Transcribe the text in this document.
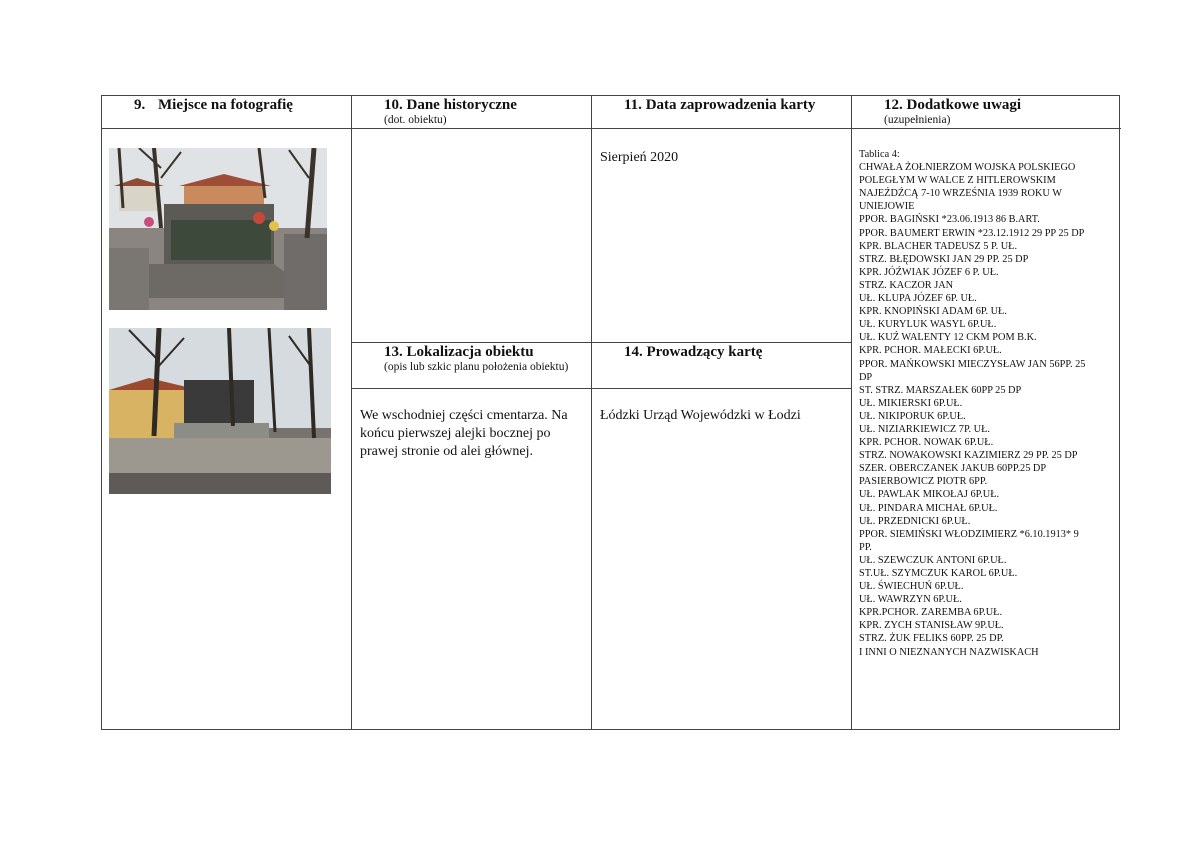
9. Miejsce na fotografię	10. Dane historyczne
(dot. obiektu)
11. Data zaprowadzenia karty	12. Dodatkowe uwagi
(uzupełnienia)
Sierpień 2020
13. Lokalizacja obiektu
(opis lub szkic planu położenia obiektu)
14. Prowadzący kartę
We wschodniej części cmentarza. Na końcu pierwszej alejki bocznej po prawej stronie od alei głównej.
Łódzki Urząd Wojewódzki w Łodzi
Tablica 4:
CHWAŁA ŻOŁNIERZOM WOJSKA POLSKIEGO
POLEGŁYM W WALCE Z HITLEROWSKIM
NAJEŹDŹCĄ 7-10 WRZEŚNIA 1939 ROKU W
UNIEJOWIE
PPOR. BAGIŃSKI *23.06.1913 86 B.ART.
PPOR. BAUMERT ERWIN *23.12.1912 29 PP 25 DP
KPR. BLACHER TADEUSZ 5 P. UŁ.
STRZ. BŁĘDOWSKI JAN 29 PP. 25 DP
KPR. JÓŹWIAK JÓZEF 6 P. UŁ.
STRZ. KACZOR JAN
UŁ. KLUPA JÓZEF 6P. UŁ.
KPR. KNOPIŃSKI ADAM 6P. UŁ.
UŁ. KURYLUK WASYL 6P.UŁ.
UŁ. KUŹ WALENTY 12 CKM POM B.K.
KPR. PCHOR. MAŁECKI 6P.UŁ.
PPOR. MAŃKOWSKI MIECZYSŁAW JAN 56PP. 25
DP
ST. STRZ. MARSZAŁEK 60PP 25 DP
UŁ. MIKIERSKI 6P.UŁ.
UŁ. NIKIPORUK 6P.UŁ.
UŁ. NIZIARKIEWICZ 7P. UŁ.
KPR. PCHOR. NOWAK 6P.UŁ.
STRZ. NOWAKOWSKI KAZIMIERZ 29 PP. 25 DP
SZER. OBERCZANEK JAKUB 60PP.25 DP
PASIERBOWICZ PIOTR 6PP.
UŁ. PAWLAK MIKOŁAJ 6P.UŁ.
UŁ. PINDARA MICHAŁ 6P.UŁ.
UŁ. PRZEDNICKI 6P.UŁ.
PPOR. SIEMIŃSKI WŁODZIMIERZ *6.10.1913* 9
PP.
UŁ. SZEWCZUK ANTONI 6P.UŁ.
ST.UŁ. SZYMCZUK KAROL 6P.UŁ.
UŁ. ŚWIECHUŃ 6P.UŁ.
UŁ. WAWRZYN 6P.UŁ.
KPR.PCHOR. ZAREMBA 6P.UŁ.
KPR. ZYCH STANISŁAW 9P.UŁ.
STRZ. ŻUK FELIKS 60PP. 25 DP.
I INNI O NIEZNANYCH NAZWISKACH
